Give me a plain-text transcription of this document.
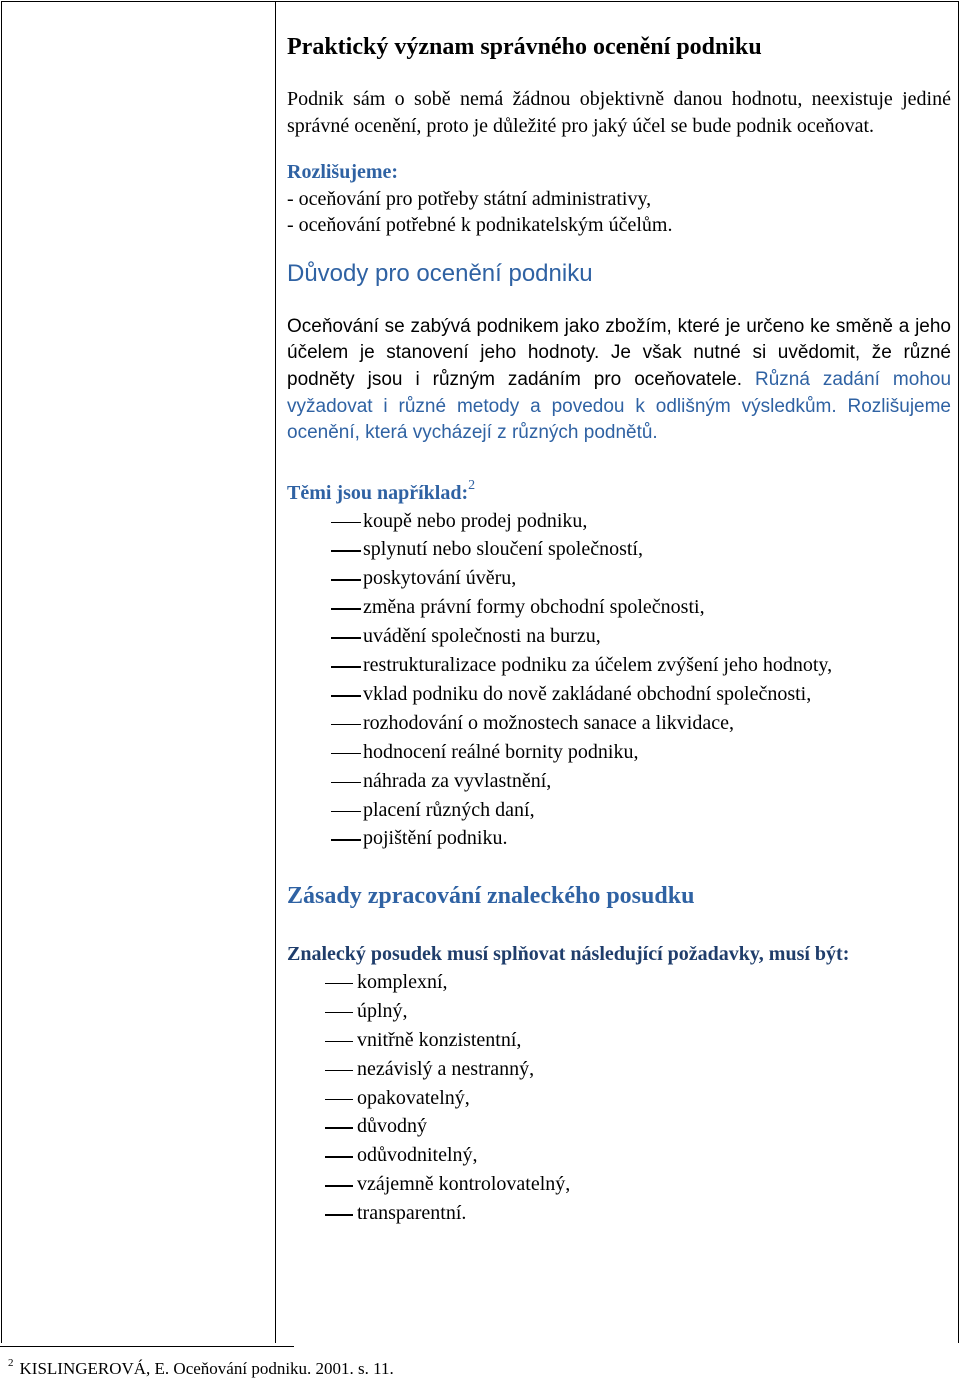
Praktický význam správného ocenění podniku

Podnik sám o sobě nemá žádnou objektivně danou hodnotu, neexistuje jediné správné ocenění, proto je důležité pro jaký účel se bude podnik oceňovat.

Rozlišujeme:

- oceňování pro potřeby státní administrativy,

- oceňování potřebné k podnikatelským účelům.

Důvody pro ocenění podniku

Oceňování se zabývá podnikem jako zbožím, které je určeno ke směně a jeho účelem je stanovení jeho hodnoty. Je však nutné si uvědomit, že různé podněty jsou i různým zadáním pro oceňovatele. Různá zadání mohou vyžadovat i různé metody a povedou k odlišným výsledkům. Rozlišujeme ocenění, která vycházejí z různých podnětů.

Těmi jsou například:$^2$

koupě nebo prodej podniku,
splynutí nebo sloučení společností,
poskytování úvěru,
změna právní formy obchodní společnosti,
uvádění společnosti na burzu,
restrukturalizace podniku za účelem zvýšení jeho hodnoty,
vklad podniku do nově zakládané obchodní společnosti,
rozhodování o možnostech sanace a likvidace,
hodnocení reálné bornity podniku,
náhrada za vyvlastnění,
placení různých daní,
pojištění podniku.
Zásady zpracování znaleckého posudku

Znalecký posudek musí splňovat následující požadavky, musí být:

komplexní,
úplný,
vnitřně konzistentní,
nezávislý a nestranný,
opakovatelný,
důvodný
odůvodnitelný,
vzájemně kontrolovatelný,
transparentní.
$^2$ KISLINGEROVÁ, E. Oceňování podniku. 2001. s. 11.
